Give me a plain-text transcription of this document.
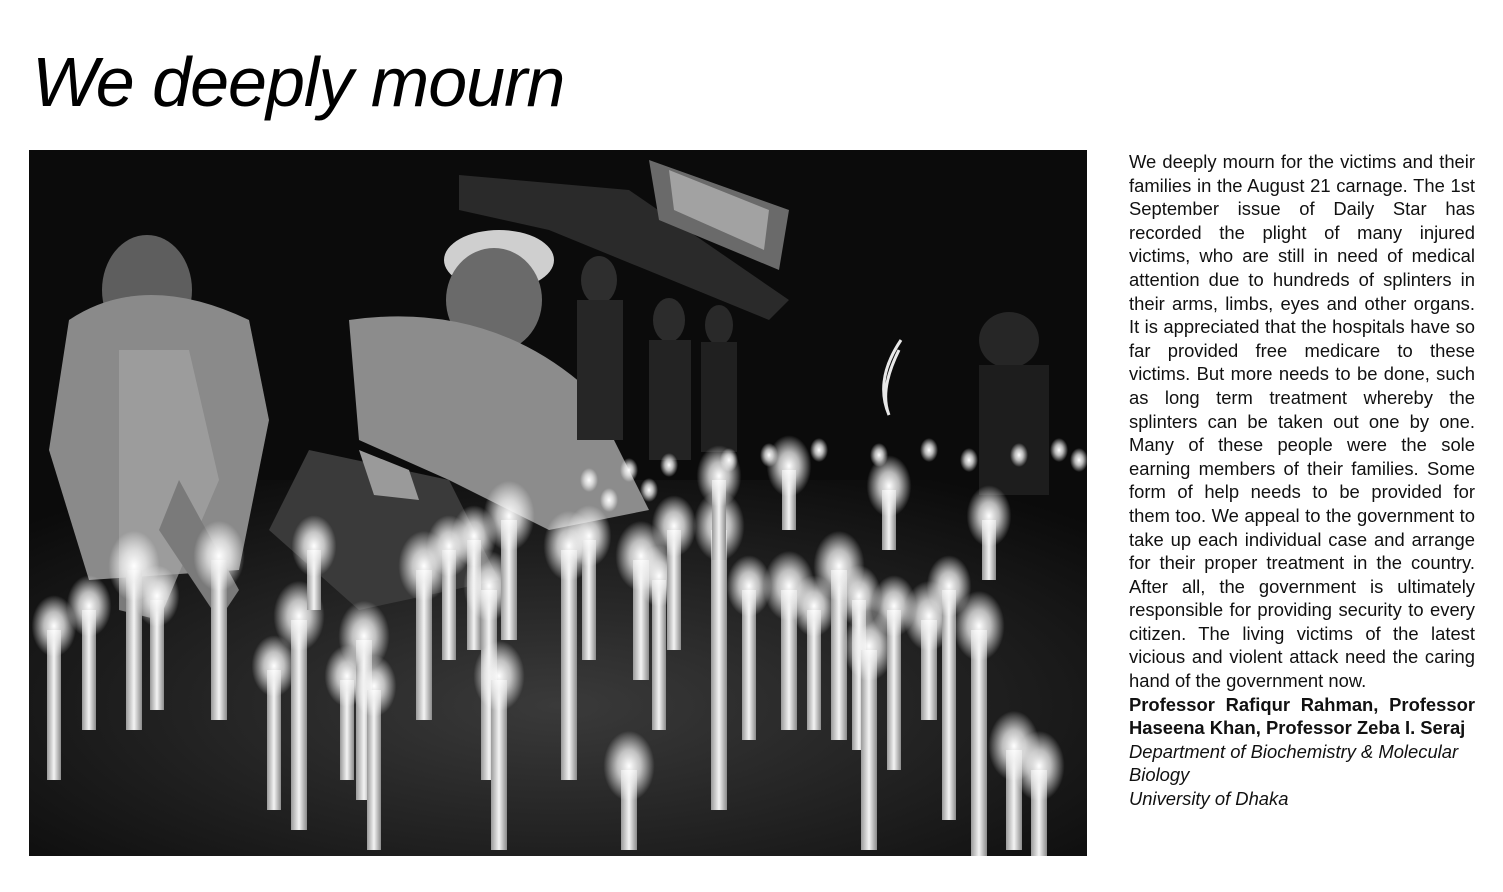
We deeply mourn

We deeply mourn for the victims and their families in the August 21 carnage. The 1st September issue of Daily Star has recorded the plight of many injured victims, who are still in need of medical attention due to hundreds of splinters in their arms, limbs, eyes and other organs. It is appreciated that the hospitals have so far provided free medicare to these victims. But more needs to be done, such as long term treatment whereby the splinters can be taken out one by one. Many of these people were the sole earning members of their families. Some form of help needs to be provided for them too. We appeal to the government to take up each individual case and arrange for their proper treatment in the country. After all, the government is ultimately responsible for providing security to every citizen. The living victims of the latest vicious and violent attack need the caring hand of the government now.

Professor Rafiqur Rahman, Professor Haseena Khan, Professor Zeba I. Seraj

Department of Biochemistry & Molecular Biology

University of Dhaka
